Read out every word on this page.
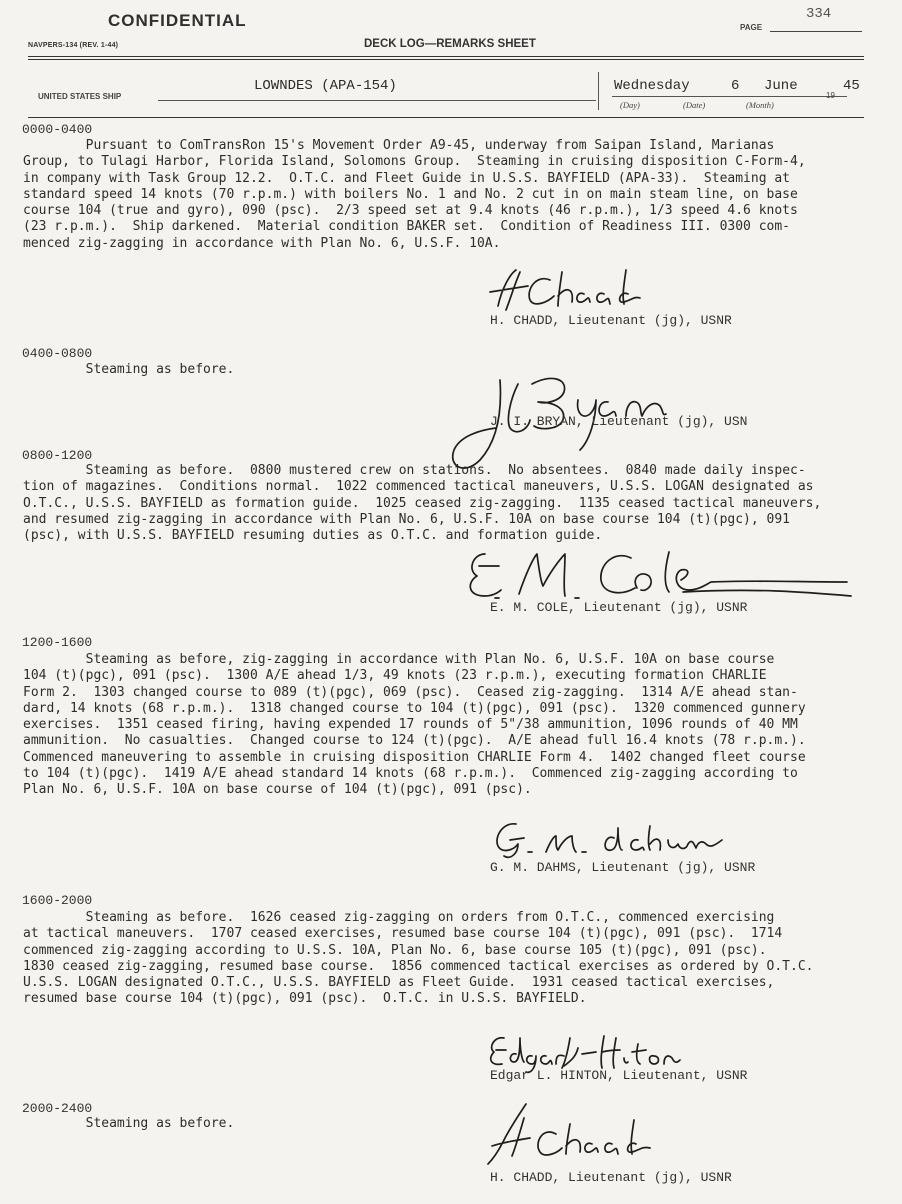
CONFIDENTIAL
NAVPERS-134 (REV. 1-44)	DECK LOG—REMARKS SHEET
PAGE
334
UNITED STATES SHIP
LOWNDES (APA-154)	Wednesday	6 June
19
45
(Day)	(Date)	(Month)
0000-0400
Pursuant to ComTransRon 15's Movement Order A9-45, underway from Saipan Island, Marianas
Group, to Tulagi Harbor, Florida Island, Solomons Group.  Steaming in cruising disposition C-Form-4,
in company with Task Group 12.2.  O.T.C. and Fleet Guide in U.S.S. BAYFIELD (APA-33).  Steaming at
standard speed 14 knots (70 r.p.m.) with boilers No. 1 and No. 2 cut in on main steam line, on base
course 104 (true and gyro), 090 (psc).  2/3 speed set at 9.4 knots (46 r.p.m.), 1/3 speed 4.6 knots
(23 r.p.m.).  Ship darkened.  Material condition BAKER set.  Condition of Readiness III. 0300 com-
menced zig-zagging in accordance with Plan No. 6, U.S.F. 10A.
H. CHADD, Lieutenant (jg), USNR
0400-0800
Steaming as before.
J. I. BRYAN, Lieutenant (jg), USN
0800-1200
Steaming as before.  0800 mustered crew on stations.  No absentees.  0840 made daily inspec-
tion of magazines.  Conditions normal.  1022 commenced tactical maneuvers, U.S.S. LOGAN designated as
O.T.C., U.S.S. BAYFIELD as formation guide.  1025 ceased zig-zagging.  1135 ceased tactical maneuvers,
and resumed zig-zagging in accordance with Plan No. 6, U.S.F. 10A on base course 104 (t)(pgc), 091
(psc), with U.S.S. BAYFIELD resuming duties as O.T.C. and formation guide.
E. M. COLE, Lieutenant (jg), USNR
1200-1600
Steaming as before, zig-zagging in accordance with Plan No. 6, U.S.F. 10A on base course
104 (t)(pgc), 091 (psc).  1300 A/E ahead 1/3, 49 knots (23 r.p.m.), executing formation CHARLIE
Form 2.  1303 changed course to 089 (t)(pgc), 069 (psc).  Ceased zig-zagging.  1314 A/E ahead stan-
dard, 14 knots (68 r.p.m.).  1318 changed course to 104 (t)(pgc), 091 (psc).  1320 commenced gunnery
exercises.  1351 ceased firing, having expended 17 rounds of 5"/38 ammunition, 1096 rounds of 40 MM
ammunition.  No casualties.  Changed course to 124 (t)(pgc).  A/E ahead full 16.4 knots (78 r.p.m.).
Commenced maneuvering to assemble in cruising disposition CHARLIE Form 4.  1402 changed fleet course
to 104 (t)(pgc).  1419 A/E ahead standard 14 knots (68 r.p.m.).  Commenced zig-zagging according to
Plan No. 6, U.S.F. 10A on base course of 104 (t)(pgc), 091 (psc).
G. M. DAHMS, Lieutenant (jg), USNR
1600-2000
Steaming as before.  1626 ceased zig-zagging on orders from O.T.C., commenced exercising
at tactical maneuvers.  1707 ceased exercises, resumed base course 104 (t)(pgc), 091 (psc).  1714
commenced zig-zagging according to U.S.S. 10A, Plan No. 6, base course 105 (t)(pgc), 091 (psc).
1830 ceased zig-zagging, resumed base course.  1856 commenced tactical exercises as ordered by O.T.C.
U.S.S. LOGAN designated O.T.C., U.S.S. BAYFIELD as Fleet Guide.  1931 ceased tactical exercises,
resumed base course 104 (t)(pgc), 091 (psc).  O.T.C. in U.S.S. BAYFIELD.
Edgar L. HINTON, Lieutenant, USNR
2000-2400
Steaming as before.
H. CHADD, Lieutenant (jg), USNR
